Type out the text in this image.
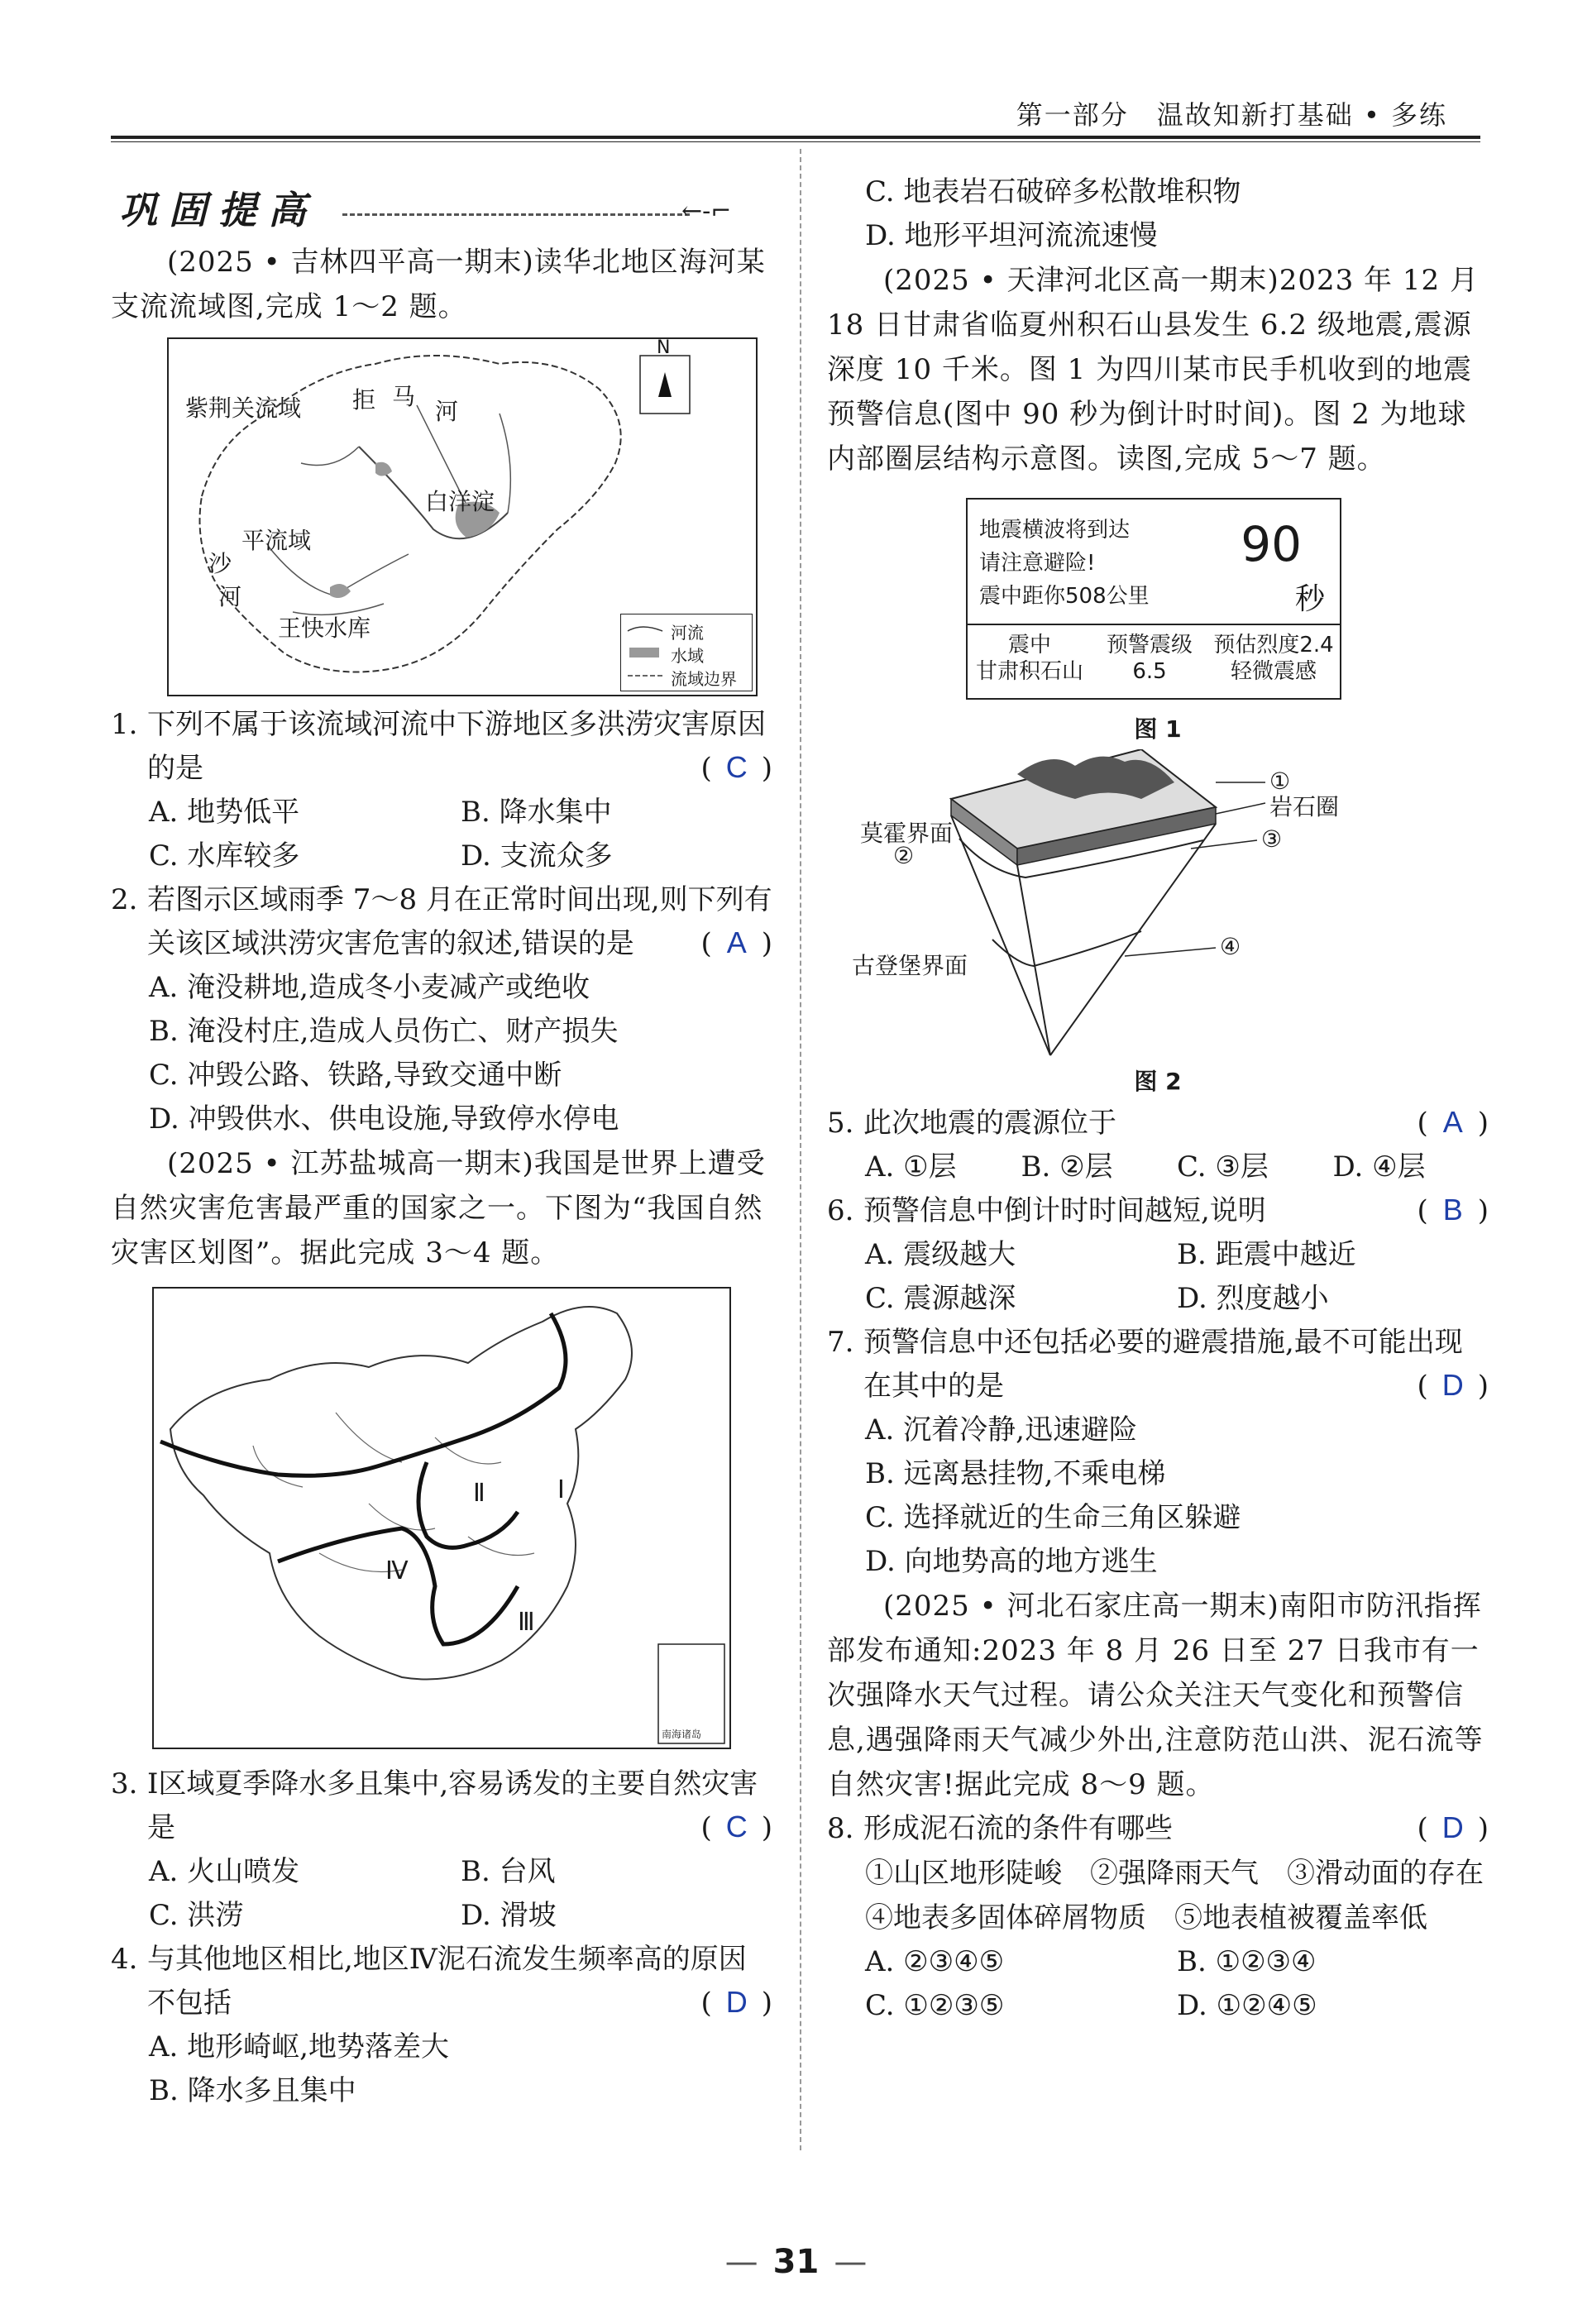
第一部分　温故知新打基础 • 多练
巩固提高	←-⌐

(2025 • 吉林四平高一期末)读华北地区海河某支流流域图,完成 1～2 题。

紫荆关流域 拒 马
河
白洋淀
平流域
沙
河
王快水库
N
河流
水域
流域边界
1. 下列不属于该流域河流中下游地区多洪涝灾害原因的是	( C )
A. 地势低平	B. 降水集中
C. 水库较多	D. 支流众多
2. 若图示区域雨季 7～8 月在正常时间出现,则下列有关该区域洪涝灾害危害的叙述,错误的是 ( A )
A. 淹没耕地,造成冬小麦减产或绝收
B. 淹没村庄,造成人员伤亡、财产损失
C. 冲毁公路、铁路,导致交通中断
D. 冲毁供水、供电设施,导致停水停电

(2025 • 江苏盐城高一期末)我国是世界上遭受自然灾害危害最严重的国家之一。下图为“我国自然灾害区划图”。据此完成 3～4 题。

Ⅰ
Ⅱ
Ⅲ
Ⅳ
南海诸岛
3. Ⅰ区域夏季降水多且集中,容易诱发的主要自然灾害是	( C )
A. 火山喷发	B. 台风
C. 洪涝	D. 滑坡
4. 与其他地区相比,地区Ⅳ泥石流发生频率高的原因不包括	( D )
A. 地形崎岖,地势落差大
B. 降水多且集中
C. 地表岩石破碎多松散堆积物
D. 地形平坦河流流速慢

(2025 • 天津河北区高一期末)2023 年 12 月 18 日甘肃省临夏州积石山县发生 6.2 级地震,震源深度 10 千米。图 1 为四川某市民手机收到的地震预警信息(图中 90 秒为倒计时时间)。图 2 为地球内部圈层结构示意图。读图,完成 5～7 题。

地震横波将到达
请注意避险!
震中距你508公里
90
秒
震中
甘肃积石山
预警震级
6.5
预估烈度2.4
轻微震感
图 1
①
岩石圈
莫霍界面
②
③
古登堡界面
④
图 2
5. 此次地震的震源位于	( A )
A. ①层	B. ②层	C. ③层	D. ④层
6. 预警信息中倒计时时间越短,说明	( B )
A. 震级越大	B. 距震中越近
C. 震源越深	D. 烈度越小
7. 预警信息中还包括必要的避震措施,最不可能出现在其中的是	( D )
A. 沉着冷静,迅速避险
B. 远离悬挂物,不乘电梯
C. 选择就近的生命三角区躲避
D. 向地势高的地方逃生

(2025 • 河北石家庄高一期末)南阳市防汛指挥部发布通知:2023 年 8 月 26 日至 27 日我市有一次强降水天气过程。请公众关注天气变化和预警信息,遇强降雨天气减少外出,注意防范山洪、泥石流等自然灾害!据此完成 8～9 题。

8. 形成泥石流的条件有哪些	( D )

①山区地形陡峻　②强降雨天气　③滑动面的存在　④地表多固体碎屑物质　⑤地表植被覆盖率低

A. ②③④⑤	B. ①②③④
C. ①②③⑤	D. ①②④⑤
— 31 —
